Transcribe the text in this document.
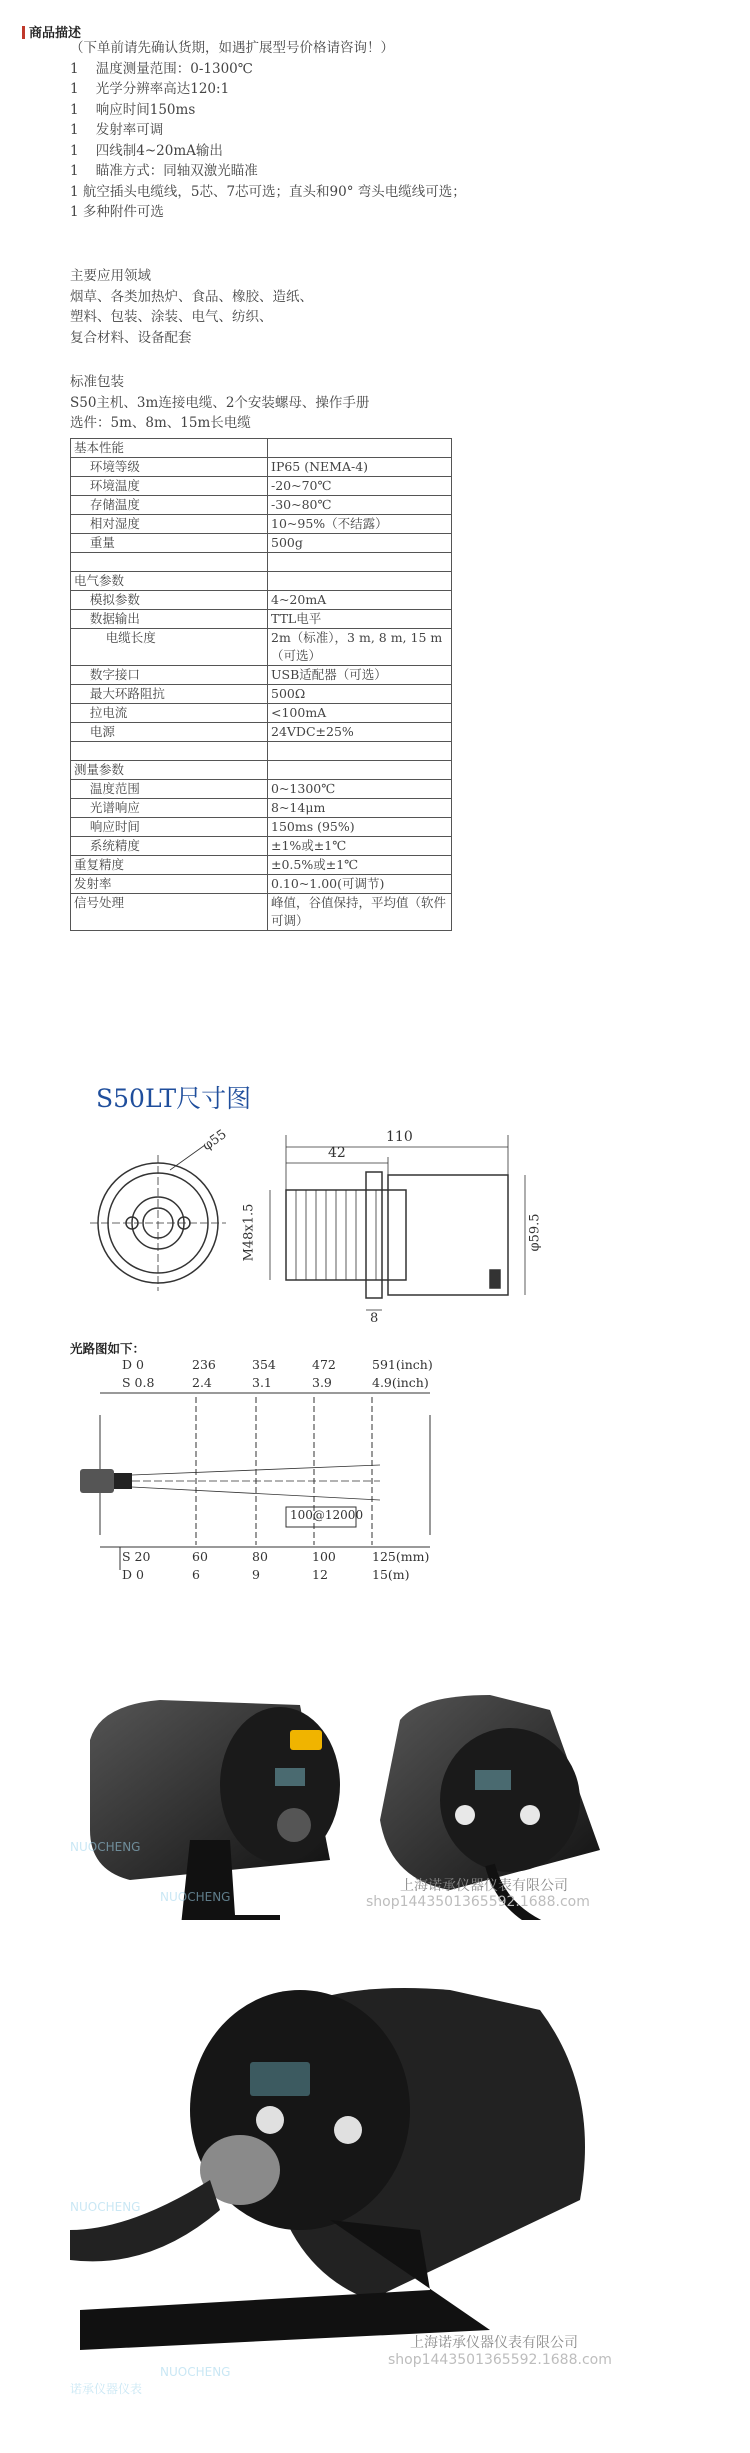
商品描述
（下单前请先确认货期，如遇扩展型号价格请咨询！）
1    温度测量范围：0-1300℃
1    光学分辨率高达120:1
1    响应时间150ms
1    发射率可调
1    四线制4~20mA输出
1    瞄准方式：同轴双激光瞄准
1 航空插头电缆线，5芯、7芯可选；直头和90° 弯头电缆线可选；
1 多种附件可选
主要应用领域
烟草、各类加热炉、食品、橡胶、造纸、
塑料、包装、涂装、电气、纺织、
复合材料、设备配套
标准包装
S50主机、3m连接电缆、2个安装螺母、操作手册
选件：5m、8m、15m长电缆
基本性能	
环境等级	IP65 (NEMA-4)
环境温度	-20~70℃
存储温度	-30~80℃
相对湿度	10~95%（不结露）
重量	500g

电气参数	
模拟参数	4~20mA
数据输出	TTL电平
电缆长度	2m（标准），3 m, 8 m, 15 m（可选）
数字接口	USB适配器（可选）
最大环路阻抗	500Ω
拉电流	<100mA
电源	24VDC±25%

测量参数	
温度范围	0~1300℃
光谱响应	8~14μm
响应时间	150ms (95%)
系统精度	±1%或±1℃
重复精度	±0.5%或±1℃
发射率	0.10~1.00(可调节)
信号处理	峰值，谷值保持，平均值（软件可调）
S50LT尺寸图
φ55	110
42
8
M48x1.5	φ59.5
光路图如下：
D 0	236	354	472	591(inch)
S 0.8	2.4	3.1	3.9	4.9(inch)
100@12000
S 20	60	80	100	125(mm)
D 0	6	9	12	15(m)
上海诺承仪器仪表有限公司
shop1443501365592.1688.com
上海诺承仪器仪表有限公司
shop1443501365592.1688.com
NUOCHENG
NUOCHENG
NUOCHENG
NUOCHENG
诺承仪器仪表
